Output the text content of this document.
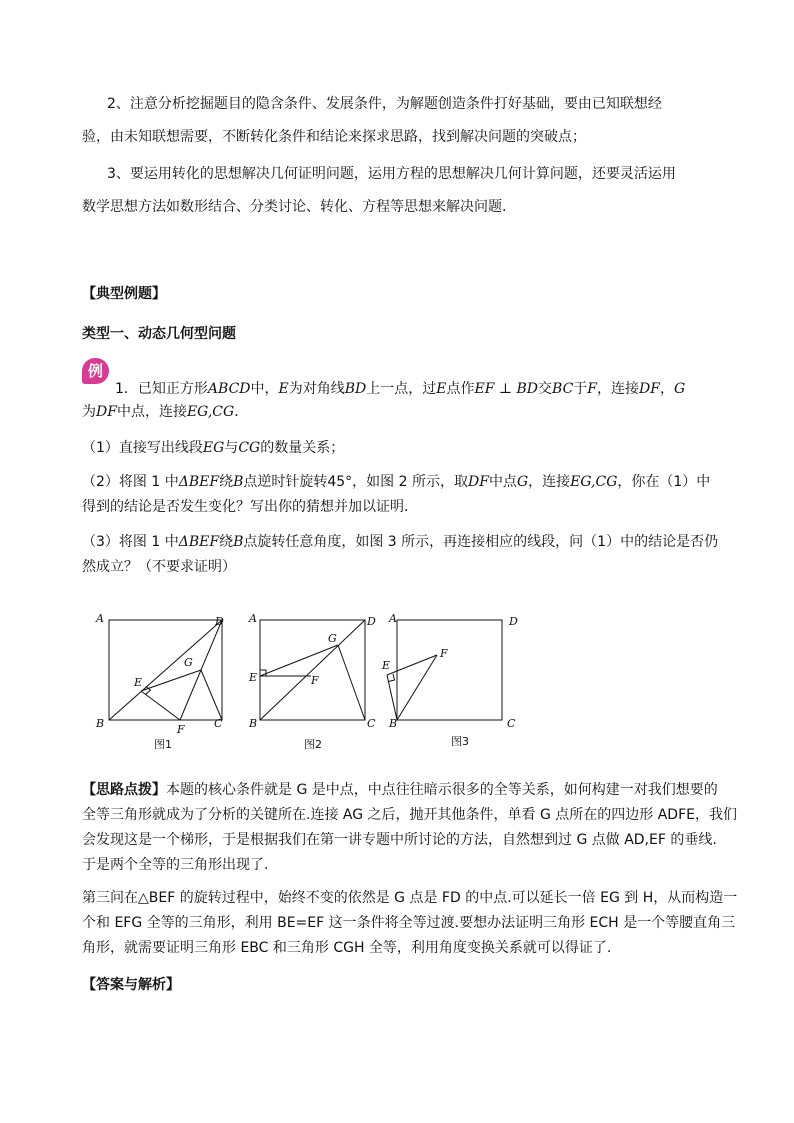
2、注意分析挖掘题目的隐含条件、发展条件，为解题创造条件打好基础，要由已知联想经
验，由未知联想需要，不断转化条件和结论来探求思路，找到解决问题的突破点；
3、要运用转化的思想解决几何证明问题，运用方程的思想解决几何计算问题，还要灵活运用
数学思想方法如数形结合、分类讨论、转化、方程等思想来解决问题.
【典型例题】
类型一、动态几何型问题
例
1．已知正方形ABCD中，E为对角线BD上一点，过E点作EF ⊥ BD交BC于F，连接DF，G
为DF中点，连接EG,CG．
（1）直接写出线段EG与CG的数量关系；
（2）将图 1 中ΔBEF绕B点逆时针旋转45°，如图 2 所示，取DF中点G，连接EG,CG，你在（1）中
得到的结论是否发生变化？写出你的猜想并加以证明．
（3）将图 1 中ΔBEF绕B点旋转任意角度，如图 3 所示，再连接相应的线段，问（1）中的结论是否仍
然成立？（不要求证明）
A
B	C
D
E
F
G
图1
A
B	C
D
E	F
G
图2
A
B	C
D
E
F
图3
【思路点拨】本题的核心条件就是 G 是中点，中点往往暗示很多的全等关系，如何构建一对我们想要的
全等三角形就成为了分析的关键所在.连接 AG 之后，抛开其他条件，单看 G 点所在的四边形 ADFE，我们
会发现这是一个梯形，于是根据我们在第一讲专题中所讨论的方法，自然想到过 G 点做 AD,EF 的垂线.
于是两个全等的三角形出现了.
第三问在△BEF 的旋转过程中，始终不变的依然是 G 点是 FD 的中点.可以延长一倍 EG 到 H，从而构造一
个和 EFG 全等的三角形，利用 BE=EF 这一条件将全等过渡.要想办法证明三角形 ECH 是一个等腰直角三
角形，就需要证明三角形 EBC 和三角形 CGH 全等，利用角度变换关系就可以得证了.
【答案与解析】
